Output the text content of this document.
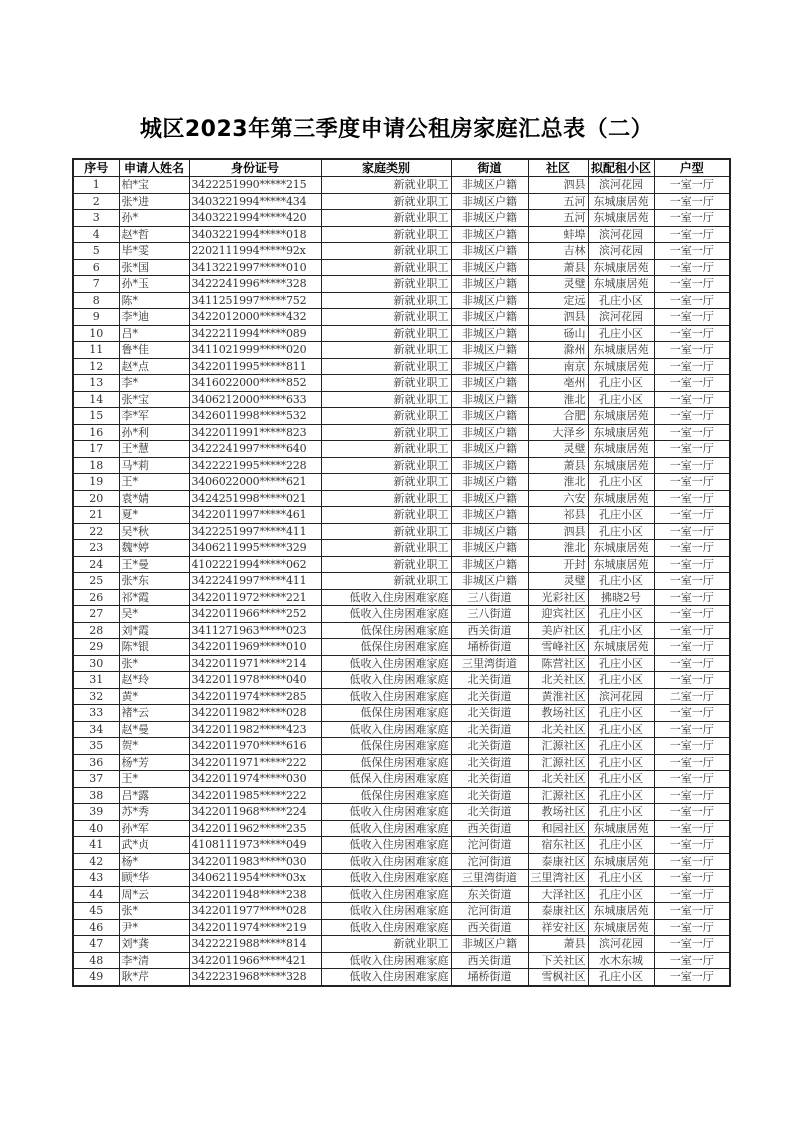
城区2023年第三季度申请公租房家庭汇总表（二）
序号	申请人姓名	身份证号	家庭类别	街道	社区	拟配租小区	户型
1	柏*宝	3422251990*****215	新就业职工	非城区户籍	泗县	滨河花园	一室一厅
2	张*进	3403221994*****434	新就业职工	非城区户籍	五河	东城康居苑	一室一厅
3	孙*	3403221994*****420	新就业职工	非城区户籍	五河	东城康居苑	一室一厅
4	赵*哲	3403221994*****018	新就业职工	非城区户籍	蚌埠	滨河花园	一室一厅
5	毕*雯	2202111994*****92x	新就业职工	非城区户籍	吉林	滨河花园	一室一厅
6	张*国	3413221997*****010	新就业职工	非城区户籍	萧县	东城康居苑	一室一厅
7	孙*玉	3422241996*****328	新就业职工	非城区户籍	灵璧	东城康居苑	一室一厅
8	陈*	3411251997*****752	新就业职工	非城区户籍	定远	孔庄小区	一室一厅
9	李*迪	3422012000*****432	新就业职工	非城区户籍	泗县	滨河花园	一室一厅
10	吕*	3422211994*****089	新就业职工	非城区户籍	砀山	孔庄小区	一室一厅
11	鲁*佳	3411021999*****020	新就业职工	非城区户籍	滁州	东城康居苑	一室一厅
12	赵*点	3422011995*****811	新就业职工	非城区户籍	南京	东城康居苑	一室一厅
13	李*	3416022000*****852	新就业职工	非城区户籍	亳州	孔庄小区	一室一厅
14	张*宝	3406212000*****633	新就业职工	非城区户籍	淮北	孔庄小区	一室一厅
15	李*军	3426011998*****532	新就业职工	非城区户籍	合肥	东城康居苑	一室一厅
16	孙*利	3422011991*****823	新就业职工	非城区户籍	大泽乡	东城康居苑	一室一厅
17	王*慧	3422241997*****640	新就业职工	非城区户籍	灵璧	东城康居苑	一室一厅
18	马*莉	3422221995*****228	新就业职工	非城区户籍	萧县	东城康居苑	一室一厅
19	王*	3406022000*****621	新就业职工	非城区户籍	淮北	孔庄小区	一室一厅
20	袁*婧	3424251998*****021	新就业职工	非城区户籍	六安	东城康居苑	一室一厅
21	夏*	3422011997*****461	新就业职工	非城区户籍	祁县	孔庄小区	一室一厅
22	吴*秋	3422251997*****411	新就业职工	非城区户籍	泗县	孔庄小区	一室一厅
23	魏*婷	3406211995*****329	新就业职工	非城区户籍	淮北	东城康居苑	一室一厅
24	王*曼	4102221994*****062	新就业职工	非城区户籍	开封	东城康居苑	一室一厅
25	张*东	3422241997*****411	新就业职工	非城区户籍	灵璧	孔庄小区	一室一厅
26	祁*霞	3422011972*****221	低收入住房困难家庭	三八街道	光彩社区	拂晓2号	一室一厅
27	吴*	3422011966*****252	低收入住房困难家庭	三八街道	迎宾社区	孔庄小区	一室一厅
28	刘*霞	3411271963*****023	低保住房困难家庭	西关街道	美庐社区	孔庄小区	一室一厅
29	陈*银	3422011969*****010	低保住房困难家庭	埇桥街道	雪峰社区	东城康居苑	一室一厅
30	张*	3422011971*****214	低收入住房困难家庭	三里湾街道	陈营社区	孔庄小区	一室一厅
31	赵*玲	3422011978*****040	低收入住房困难家庭	北关街道	北关社区	孔庄小区	一室一厅
32	黄*	3422011974*****285	低收入住房困难家庭	北关街道	黄淮社区	滨河花园	二室一厅
33	褚*云	3422011982*****028	低保住房困难家庭	北关街道	教场社区	孔庄小区	一室一厅
34	赵*曼	3422011982*****423	低收入住房困难家庭	北关街道	北关社区	孔庄小区	一室一厅
35	贺*	3422011970*****616	低保住房困难家庭	北关街道	汇源社区	孔庄小区	一室一厅
36	杨*芳	3422011971*****222	低保住房困难家庭	北关街道	汇源社区	孔庄小区	一室一厅
37	王*	3422011974*****030	低保入住房困难家庭	北关街道	北关社区	孔庄小区	一室一厅
38	吕*露	3422011985*****222	低保住房困难家庭	北关街道	汇源社区	孔庄小区	一室一厅
39	苏*秀	3422011968*****224	低收入住房困难家庭	北关街道	教场社区	孔庄小区	一室一厅
40	孙*军	3422011962*****235	低收入住房困难家庭	西关街道	和园社区	东城康居苑	一室一厅
41	武*贞	4108111973*****049	低收入住房困难家庭	沱河街道	宿东社区	孔庄小区	一室一厅
42	杨*	3422011983*****030	低收入住房困难家庭	沱河街道	泰康社区	东城康居苑	一室一厅
43	顾*华	3406211954*****03x	低收入住房困难家庭	三里湾街道	三里湾社区	孔庄小区	一室一厅
44	周*云	3422011948*****238	低收入住房困难家庭	东关街道	大泽社区	孔庄小区	一室一厅
45	张*	3422011977*****028	低收入住房困难家庭	沱河街道	泰康社区	东城康居苑	一室一厅
46	尹*	3422011974*****219	低收入住房困难家庭	西关街道	祥安社区	东城康居苑	一室一厅
47	刘*龚	3422221988*****814	新就业职工	非城区户籍	萧县	滨河花园	一室一厅
48	李*清	3422011966*****421	低收入住房困难家庭	西关街道	下关社区	水木东城	一室一厅
49	耿*芹	3422231968*****328	低收入住房困难家庭	埇桥街道	雪枫社区	孔庄小区	一室一厅
